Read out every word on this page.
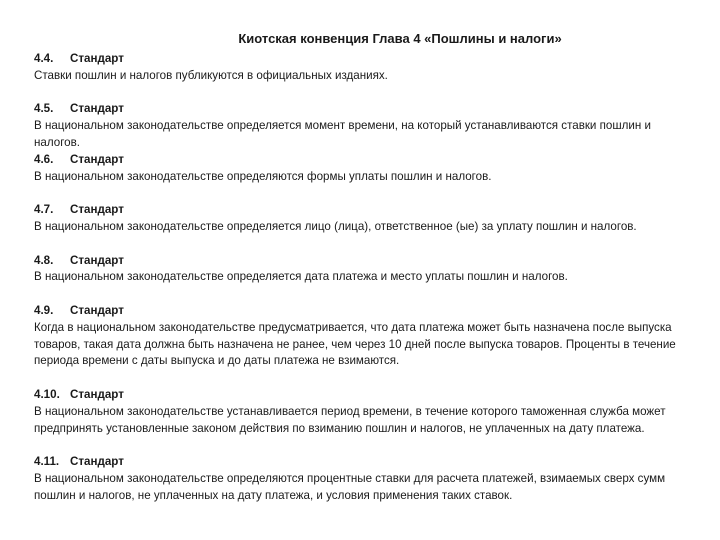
Киотская конвенция Глава 4 «Пошлины и налоги»
4.4. Стандарт

Ставки пошлин и налогов публикуются в официальных изданиях.

4.5. Стандарт

В национальном законодательстве определяется момент времени, на который устанавливаются ставки пошлин и налогов.

4.6. Стандарт

В национальном законодательстве определяются формы уплаты пошлин и налогов.

4.7. Стандарт

В национальном законодательстве определяется лицо (лица), ответственное (ые) за уплату пошлин и налогов.

4.8. Стандарт

В национальном законодательстве определяется дата платежа и место уплаты пошлин и налогов.

4.9. Стандарт

Когда в национальном законодательстве предусматривается, что дата платежа может быть назначена после выпуска товаров, такая дата должна быть назначена не ранее, чем через 10 дней после выпуска товаров. Проценты в течение периода времени с даты выпуска и до даты платежа не взимаются.

4.10. Стандарт

В национальном законодательстве устанавливается период времени, в течение которого таможенная служба может предпринять установленные законом действия по взиманию пошлин и налогов, не уплаченных на дату платежа.

4.11. Стандарт

В национальном законодательстве определяются процентные ставки для расчета платежей, взимаемых сверх сумм пошлин и налогов, не уплаченных на дату платежа, и условия применения таких ставок.
